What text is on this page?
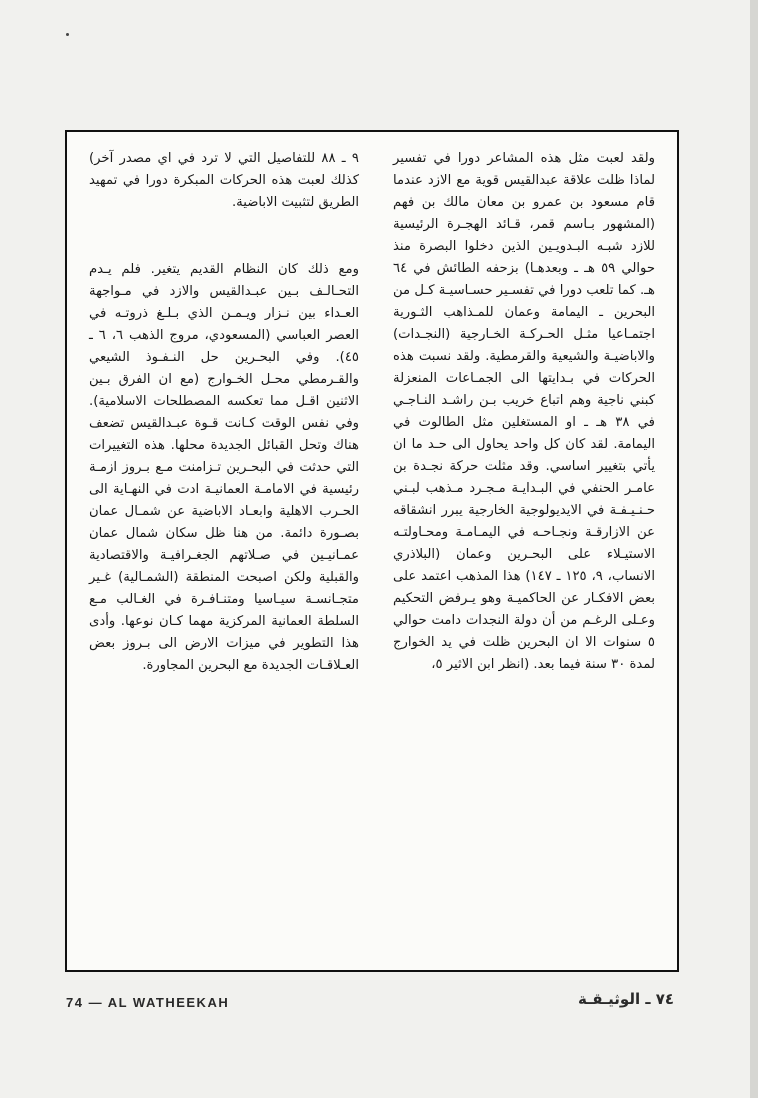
ولقد لعبت مثل هذه المشاعر دورا في تفسير لماذا ظلت علاقة عبدالقيس قوية مع الازد عندما قام مسعود بن عمرو بن معان مالك بن فهم (المشهور بـاسم قمر، قـائد الهجـرة الرئيسية للازد شبـه البـدويـين الذين دخلوا البصرة منذ حوالي ٥٩ هـ ـ وبعدهـا) بزحفه الطائش في ٦٤ هـ. كما تلعب دورا في تفسـير حسـاسيـة كـل من البحرين ـ اليمامة وعمان للمـذاهب الثـورية اجتمـاعيا مثـل الحـركـة الخـارجية (النجـدات) والاباضيـة والشيعية والقرمطية. ولقد نسبت هذه الحركات في بـدايتها الى الجمـاعات المنعزلة كبني ناجية وهم اتباع خريب بـن راشـد النـاجـي في ٣٨ هـ ـ او المستغلين مثل الطالوت في اليمامة. لقد كان كل واحد يحاول الى حـد ما ان يأتي بتغيير اساسي. وقد مثلت حركة نجـدة بن عامـر الحنفي في البـدايـة مـجـرد مـذهب لبـني حـنـيـفـة في الايديولوجية الخارجية يبرر انشقاقه عن الازارقـة ونجـاحـه في اليمـامـة ومحـاولتـه الاستيـلاء على البحـرين وعمان (البلاذري الانساب، ٩، ١٢٥ ـ ١٤٧) هذا المذهب اعتمد على بعض الافكـار عن الحاكميـة وهو يـرفض التحكيم وعـلى الرغـم من أن دولة النجدات دامت حوالي ٥ سنوات الا ان البحرين ظلت في يد الخوارج لمدة ٣٠ سنة فيما بعد. (انظر ابن الاثير ٥،

٩ ـ ٨٨ للتفاصيل التي لا ترد في اي مصدر آخر) كذلك لعبت هذه الحركات المبكرة دورا في تمهيد الطريق لتثبيت الاباضية.

ومع ذلك كان النظام القديم يتغير. فلم يـدم التحـالـف بـين عبـدالقيس والازد في مـواجهة العـداء بين نـزار ويـمـن الذي بـلـغ ذروتـه في العصر العباسي (المسعودي، مروج الذهب ٦، ٦ ـ ٤٥). وفي البحـرين حل النـفـوذ الشيعي والقـرمطي محـل الخـوارج (مع ان الفرق بـين الاثنين اقـل مما تعكسه المصطلحات الاسلامية). وفي نفس الوقت كـانت قـوة عبـدالقيس تضعف هناك وتحل القبائل الجديدة محلها. هذه التغييرات التي حدثت في البحـرين تـزامنت مـع بـروز ازمـة رئيسية في الامامـة العمانيـة ادت في النهـاية الى الحـرب الاهلية وابعـاد الاباضية عن شمـال عمان بصـورة دائمة. من هنا ظل سكان شمال عمان عمـانيـين في صـلاتهم الجغـرافيـة والاقتصادية والقبلية ولكن اصبحت المنطقة (الشمـالية) غـير متجـانسـة سيـاسيا ومتنـافـرة في الغـالب مـع السلطة العمانية المركزية مهما كـان نوعها. وأدى هذا التطوير في ميزات الارض الى بـروز بعض العـلاقـات الجديدة مع البحرين المجاورة.

74 — AL WATHEEKAH	٧٤ ـ الوثيـقـة
